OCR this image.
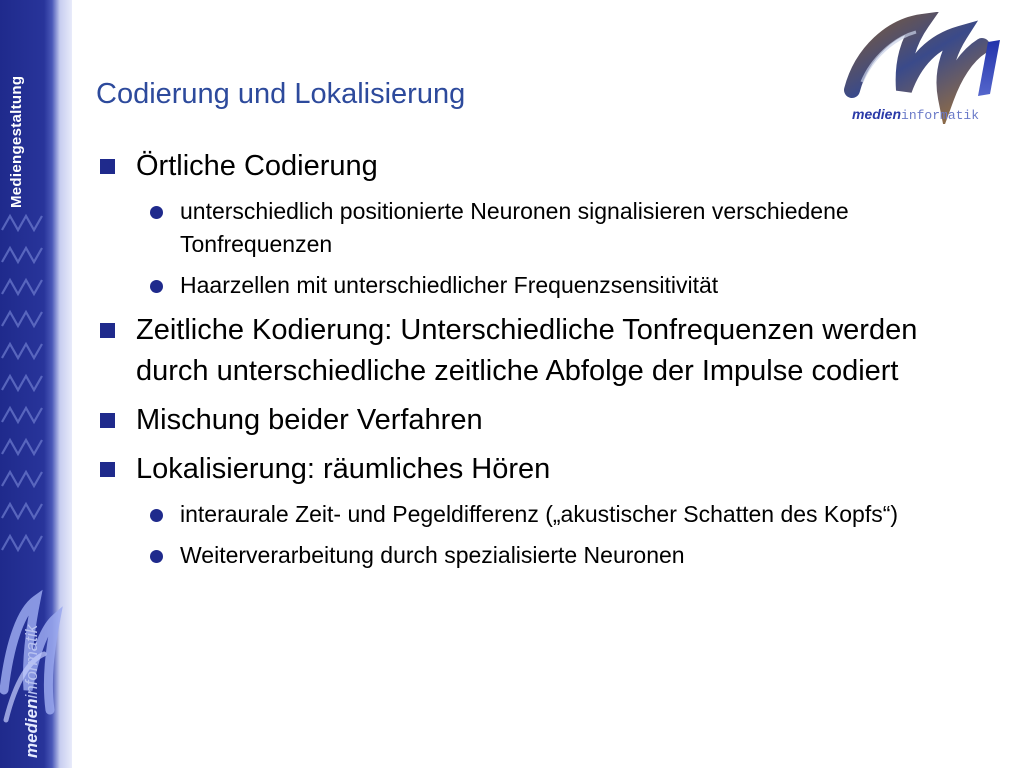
Mediengestaltung
medieninformatik
medieninformatik
Codierung und Lokalisierung
Örtliche Codierung
unterschiedlich positionierte Neuronen signalisieren verschiedene Tonfrequenzen
Haarzellen mit unterschiedlicher Frequenzsensitivität
Zeitliche Kodierung: Unterschiedliche Tonfrequenzen werden durch unterschiedliche zeitliche Abfolge der Impulse codiert
Mischung beider Verfahren
Lokalisierung: räumliches Hören
interaurale Zeit- und Pegeldifferenz („akustischer Schatten des Kopfs“)
Weiterverarbeitung durch spezialisierte Neuronen
